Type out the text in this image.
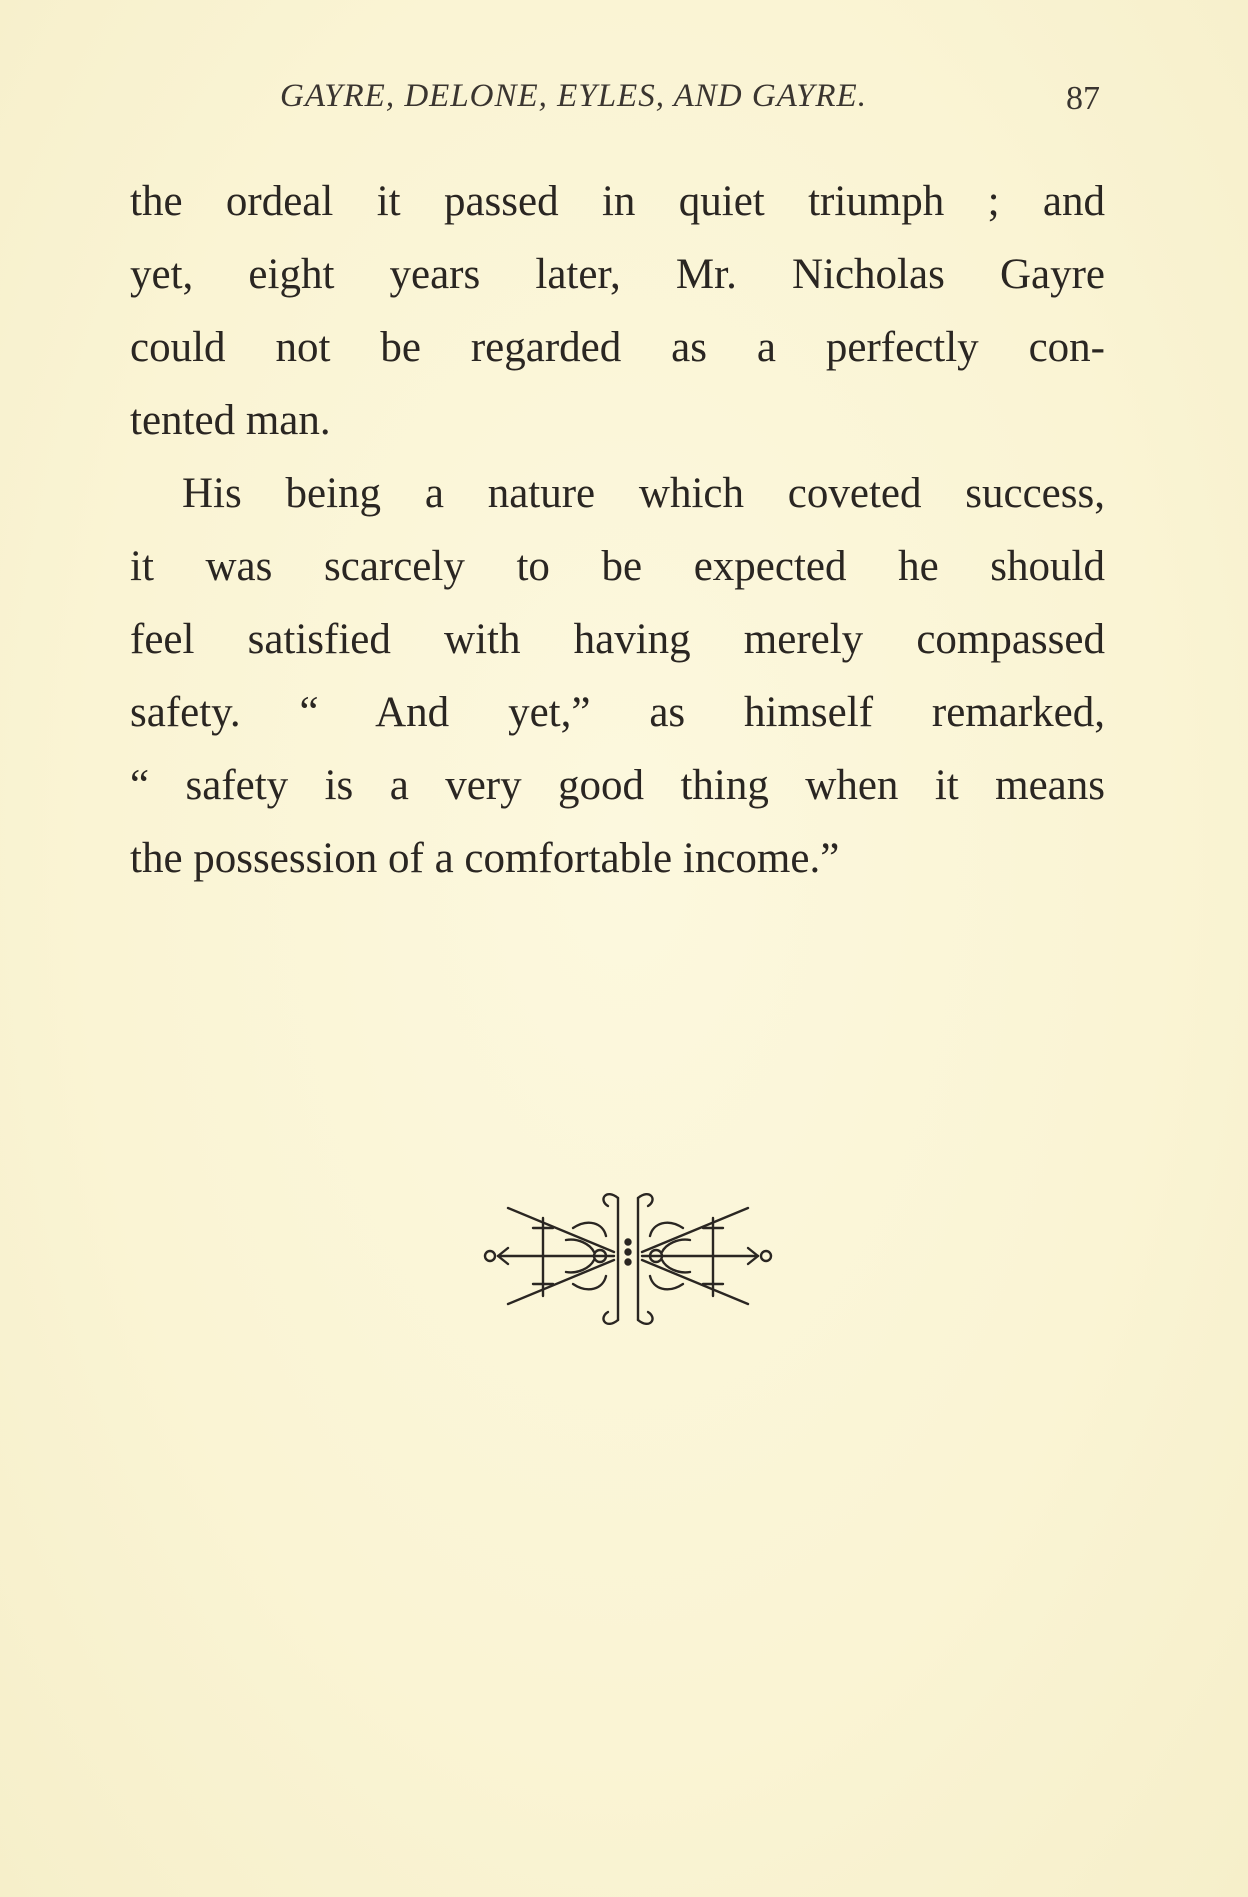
GAYRE, DELONE, EYLES, AND GAYRE.	87
the ordeal it passed in quiet triumph ; and
yet, eight years later, Mr. Nicholas Gayre
could not be regarded as a perfectly con-
tented man.
His being a nature which coveted success,
it was scarcely to be expected he should
feel satisfied with having merely compassed
safety. “ And yet,” as himself remarked,
“ safety is a very good thing when it means
the possession of a comfortable income.”
